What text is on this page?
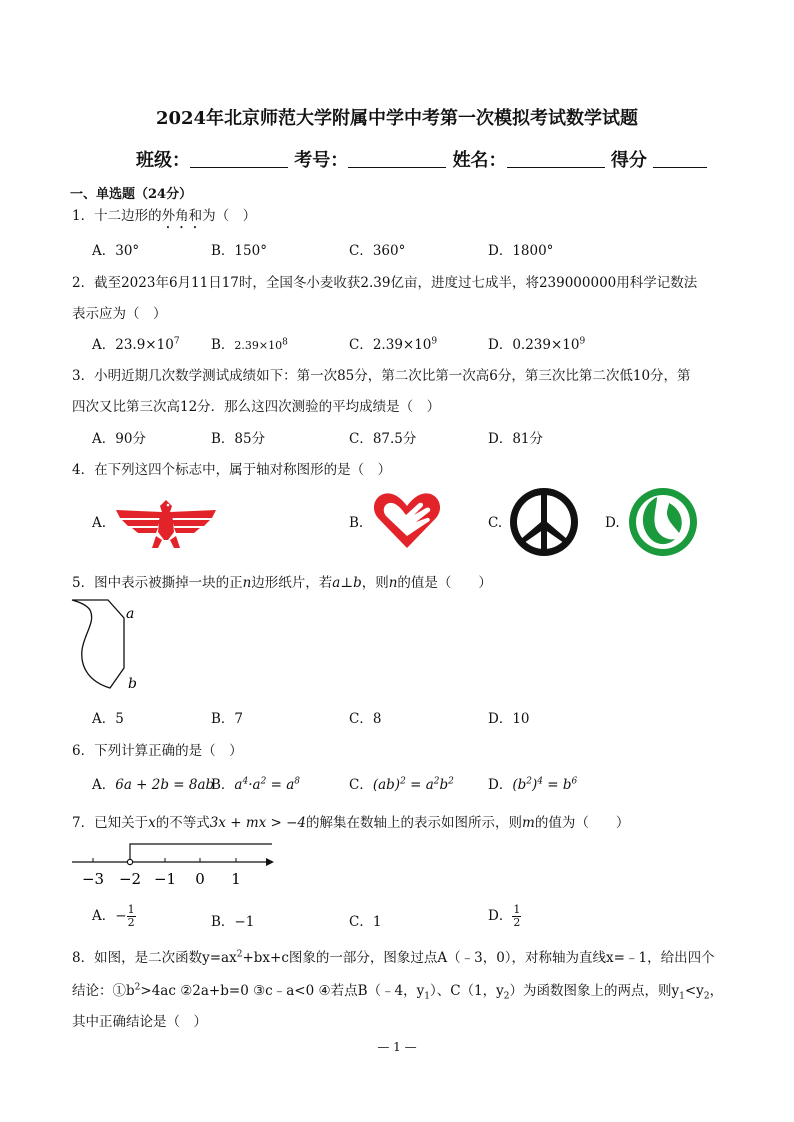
2024年北京师范大学附属中学中考第一次模拟考试数学试题
班级：	考号：	姓名：	得分
一、单选题（24分）
1．十二边形的外角和为（　）
A．30°	B．150°	C．360°	D．1800°
2．截至2023年6月11日17时，全国冬小麦收获2.39亿亩，进度过七成半，将239000000用科学记数法
表示应为（　）
A．$23.9\times 10^7$ B．$2.39\times 10^8$	C．$2.39\times 10^9$	D．$0.239\times 10^9$
3．小明近期几次数学测试成绩如下：第一次85分，第二次比第一次高6分，第三次比第二次低10分，第
四次又比第三次高12分．那么这四次测验的平均成绩是（　）
A．90分	B．85分	C．87.5分	D．81分
4．在下列这四个标志中，属于轴对称图形的是（　）
A.	B.	C.	D.
5．图中表示被撕掉一块的正n边形纸片，若a⊥b，则n的值是（　　）
a
b
A．5	B．7	C．8	D．10
6．下列计算正确的是（　）
A．6a + 2b = 8ab
B．$a^4\cdot a^2 = a^8$	C．$(ab)^2 = a^2b^2$	D．$(b^2)^4 = b^6$
7．已知关于x的不等式3x + mx > −4的解集在数轴上的表示如图所示，则m的值为（　　）
−3 −2 −1 0 1
A．− $\frac{1}{2}$	B．−1	C．1	D． $\frac{1}{2}$
8．如图，是二次函数$y=ax^2+bx+c$图象的一部分，图象过点A（﹣3，0），对称轴为直线x=﹣1，给出四个
结论：$①b^2>4ac$ ②2a+b=0 ③c﹣a<0 ④若点B（﹣4，$y_1$）、C（1，$y_2$）为函数图象上的两点，则$y_1<y_2$，
其中正确结论是（　）
— 1 —
